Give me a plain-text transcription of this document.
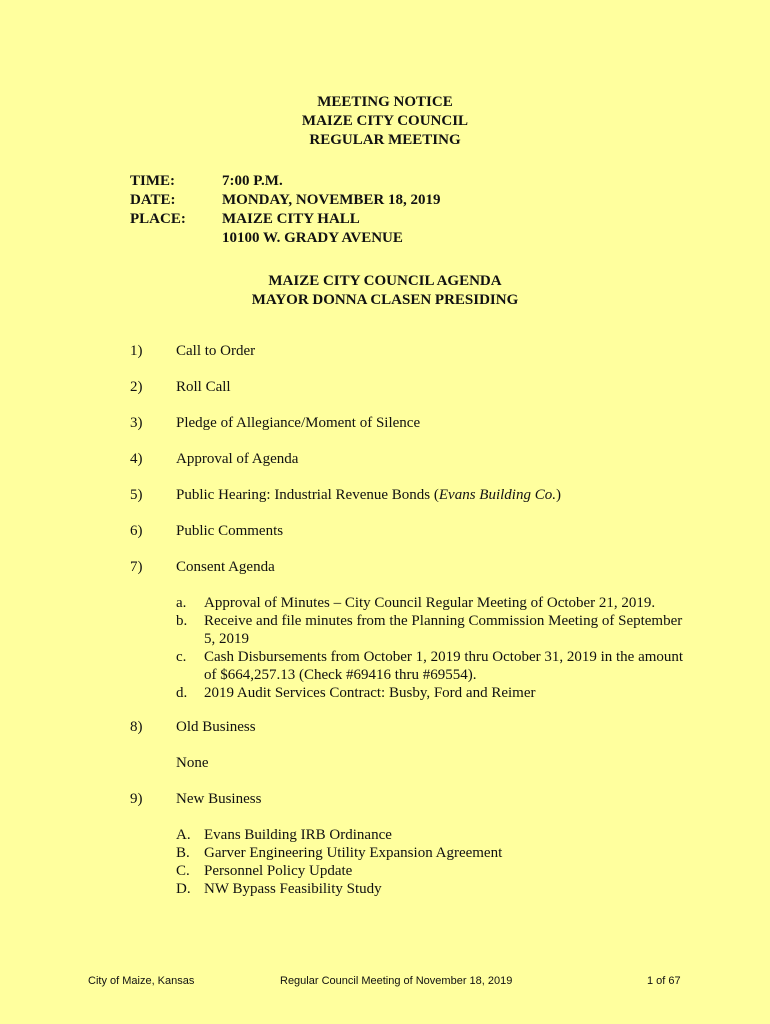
MEETING NOTICE
MAIZE CITY COUNCIL
REGULAR MEETING
TIME:	7:00 P.M.
DATE:	MONDAY, NOVEMBER 18, 2019
PLACE:	MAIZE CITY HALL
10100 W. GRADY AVENUE
MAIZE CITY COUNCIL AGENDA
MAYOR DONNA CLASEN PRESIDING
1)	Call to Order
2)	Roll Call
3)	Pledge of Allegiance/Moment of Silence
4)	Approval of Agenda
5)	Public Hearing: Industrial Revenue Bonds (Evans Building Co.)
6)	Public Comments
7)	Consent Agenda
a.	Approval of Minutes – City Council Regular Meeting of October 21, 2019.
b.	Receive and file minutes from the Planning Commission Meeting of September 5, 2019
c.	Cash Disbursements from October 1, 2019 thru October 31, 2019 in the amount of $664,257.13 (Check #69416 thru #69554).
d.	2019 Audit Services Contract: Busby, Ford and Reimer
8)	Old Business
None
9)	New Business
A. Evans Building IRB Ordinance
B. Garver Engineering Utility Expansion Agreement
C. Personnel Policy Update
D. NW Bypass Feasibility Study
City of Maize, Kansas	Regular Council Meeting of November 18, 2019	1 of 67
